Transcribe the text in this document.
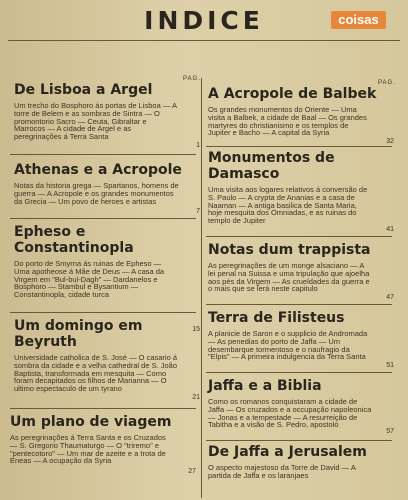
INDICE	coisas
PAG.
PAG.
De Lisboa a Argel
Um trecho do Bosphoro ás portas de Lisboa — A torre de Belem e as sombras de Sintra — O promontorio Sacro — Ceuta, Gibraltar e Marrocos — A cidade de Argel e as peregrinações á Terra Santa
1
Athenas e a Acropole
Notas da historia grega — Spartanos, homens de guerra — A Acropole e os grandes monumentos da Grecia — Um povo de heroes e artistas
7
Epheso e Constantinopla
Do porto de Smyrna ás ruinas de Epheso — Uma apotheose á Mãe de Deus — A casa da Virgem em "Bul-bul-Dagh" — Dardanelos e Bosphoro — Stambul e Bysantium — Constantinopla, cidade turca
15
Um domingo em Beyruth
Universidade catholica de S. José — O casario á sombra da cidade e a velha cathedral de S. João Baptista, transformada em mesquita — Como foram decapitados os filhos de Marianna — O ultimo espectaculo de um tyrano
21
Um plano de viagem
As peregrinações á Terra Santa e os Cruzados — S. Gregorio Thaumaturgo — O "triremo" e "pentecotoro" — Um mar de azeite e a trota de Eneas — A ocupação da Syria
27
A Acropole de Balbek
Os grandes monumentos do Oriente — Uma visita a Balbek, a cidade de Baal — Os grandes martyres do christianismo e os templos de Jupiter e Bacho — A capital da Syria
32
Monumentos de Damasco
Uma visita aos logares relativos á conversão de S. Paulo — A crypta de Ananias e a casa de Naaman — A antiga basilica de Santa Maria, hoje mesquita dos Omniadas, e as ruinas do templo de Jupiter
41
Notas dum trappista
As peregrinações de um monge alsaciano — A lei penal na Suissa e uma tripulação que ajoelha aos pés da Virgem — As crueldades da guerra e o mais que se lerá neste capitulo
47
Terra de Filisteus
A planicie de Saron e o supplicio de Andromada — As penedias do porto de Jaffa — Um desembarque tormentoso e o naufragio da "Elpis" — A primeira indulgencia da Terra Santa
51
Jaffa e a Biblia
Como os romanos conquistaram a cidade de Jaffa — Os cruzados e a occupação napoleonica — Jonas e a tempestade — A resurreição de Tabitha e a visão de S. Pedro, apostolo
57
De Jaffa a Jerusalem
O aspecto majestoso da Torre de David — A partida de Jaffa e os laranjaes
